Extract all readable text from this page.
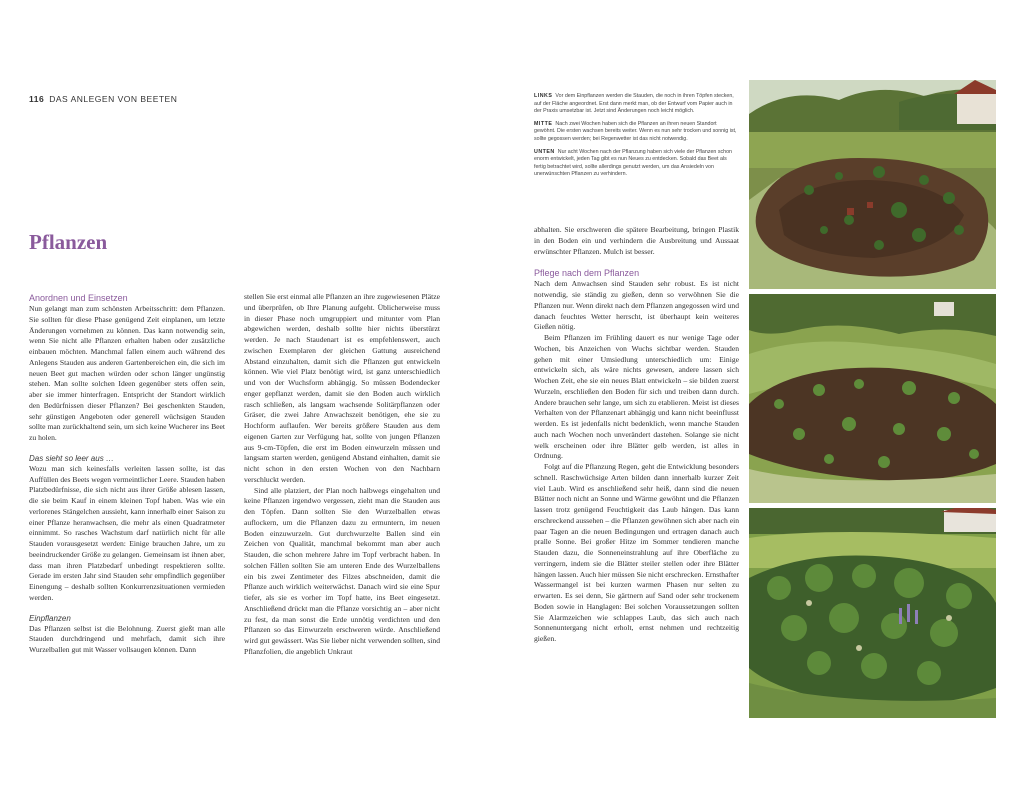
116 DAS ANLEGEN VON BEETEN
Pflanzen
Anordnen und Einsetzen

Nun gelangt man zum schönsten Arbeitsschritt: dem Pflanzen. Sie sollten für diese Phase genügend Zeit einplanen, um letzte Änderungen vornehmen zu können. Das kann notwendig sein, wenn Sie nicht alle Pflanzen erhalten haben oder zusätzliche einbauen möchten. Manchmal fallen einem auch während des Anlegens Stauden aus anderen Gartenbereichen ein, die sich im neuen Beet gut machen würden oder schon länger ungünstig stehen. Man sollte solchen Ideen gegenüber stets offen sein, aber sie immer hinterfragen. Entspricht der Standort wirklich den Bedürfnissen dieser Pflanzen? Bei geschenkten Stauden, sehr günstigen Angeboten oder generell wüchsigen Stauden sollte man zurückhaltend sein, um sich keine Wucherer ins Beet zu holen.

Das sieht so leer aus …

Wozu man sich keinesfalls verleiten lassen sollte, ist das Auffüllen des Beets wegen vermeintlicher Leere. Stauden haben Platzbedürfnisse, die sich nicht aus ihrer Größe ablesen lassen, die sie beim Kauf in einem kleinen Topf haben. Was wie ein verlorenes Stängelchen aussieht, kann innerhalb einer Saison zu einer Pflanze heranwachsen, die mehr als einen Quadratmeter einnimmt. So rasches Wachstum darf natürlich nicht für alle Stauden vorausgesetzt werden: Einige brauchen Jahre, um zu beeindruckender Größe zu gelangen. Gemeinsam ist ihnen aber, dass man ihren Platzbedarf unbedingt respektieren sollte. Gerade im ersten Jahr sind Stauden sehr empfindlich gegenüber Einengung – deshalb sollten Konkurrenzsituationen vermieden werden.

Einpflanzen

Das Pflanzen selbst ist die Belohnung. Zuerst gießt man alle Stauden durchdringend und mehrfach, damit sich ihre Wurzelballen gut mit Wasser vollsaugen können. Dann

stellen Sie erst einmal alle Pflanzen an ihre zugewiesenen Plätze und überprüfen, ob Ihre Planung aufgeht. Üblicherweise muss in dieser Phase noch umgruppiert und mitunter vom Plan abgewichen werden, deshalb sollte hier nichts überstürzt werden. Je nach Staudenart ist es empfehlenswert, auch zwischen Exemplaren der gleichen Gattung ausreichend Abstand einzuhalten, damit sich die Pflanzen gut entwickeln können. Wie viel Platz benötigt wird, ist ganz unterschiedlich und von der Wuchsform abhängig. So müssen Bodendecker enger gepflanzt werden, damit sie den Boden auch wirklich rasch schließen, als langsam wachsende Solitärpflanzen oder Gräser, die zwei Jahre Anwachszeit benötigen, ehe sie zu Hochform auflaufen. Wer bereits größere Stauden aus dem eigenen Garten zur Verfügung hat, sollte von jungen Pflanzen aus 9-cm-Töpfen, die erst im Boden einwurzeln müssen und langsam starten werden, genügend Abstand einhalten, damit sie nicht schon in den ersten Wochen von den Nachbarn verschluckt werden.

Sind alle platziert, der Plan noch halbwegs eingehalten und keine Pflanzen irgendwo vergessen, zieht man die Stauden aus den Töpfen. Dann sollten Sie den Wurzelballen etwas auflockern, um die Pflanzen dazu zu ermuntern, im neuen Boden einzuwurzeln. Gut durchwurzelte Ballen sind ein Zeichen von Qualität, manchmal bekommt man aber auch Stauden, die schon mehrere Jahre im Topf verbracht haben. In solchen Fällen sollten Sie am unteren Ende des Wurzelballens ein bis zwei Zentimeter des Filzes abschneiden, damit die Pflanze auch wirklich weiterwächst. Danach wird sie eine Spur tiefer, als sie es vorher im Topf hatte, ins Beet eingesetzt. Anschließend drückt man die Pflanze vorsichtig an – aber nicht zu fest, da man sonst die Erde unnötig verdichten und den Pflanzen so das Einwurzeln erschweren würde. Anschließend wird gut gewässert. Was Sie lieber nicht verwenden sollten, sind Pflanzfolien, die angeblich Unkraut

LINKS Vor dem Einpflanzen werden die Stauden, die noch in ihren Töpfen stecken, auf der Fläche angeordnet. Erst dann merkt man, ob der Entwurf vom Papier auch in der Praxis umsetzbar ist. Jetzt sind Änderungen noch leicht möglich.

MITTE Nach zwei Wochen haben sich die Pflanzen an ihren neuen Standort gewöhnt. Die ersten wachsen bereits weiter. Wenn es nun sehr trocken und sonnig ist, sollte gegossen werden; bei Regenwetter ist das nicht notwendig.

UNTEN Nur acht Wochen nach der Pflanzung haben sich viele der Pflanzen schon enorm entwickelt, jeden Tag gibt es nun Neues zu entdecken. Sobald das Beet als fertig betrachtet wird, sollte allerdings genutzt werden, um das Ansiedeln von unerwünschten Pflanzen zu verhindern.

abhalten. Sie erschweren die spätere Bearbeitung, bringen Plastik in den Boden ein und verhindern die Ausbreitung und Aussaat erwünschter Pflanzen. Mulch ist besser.

Pflege nach dem Pflanzen

Nach dem Anwachsen sind Stauden sehr robust. Es ist nicht notwendig, sie ständig zu gießen, denn so verwöhnen Sie die Pflanzen nur. Wenn direkt nach dem Pflanzen angegossen wird und danach feuchtes Wetter herrscht, ist überhaupt kein weiteres Gießen nötig.

Beim Pflanzen im Frühling dauert es nur wenige Tage oder Wochen, bis Anzeichen von Wuchs sichtbar werden. Stauden gehen mit einer Umsiedlung unterschiedlich um: Einige entwickeln sich, als wäre nichts gewesen, andere lassen sich Wochen Zeit, ehe sie ein neues Blatt entwickeln – sie bilden zuerst Wurzeln, erschließen den Boden für sich und treiben dann durch. Andere brauchen sehr lange, um sich zu etablieren. Meist ist dieses Verhalten von der Pflanzenart abhängig und kann nicht beeinflusst werden. Es ist jedenfalls nicht bedenklich, wenn manche Stauden auch nach Wochen noch unverändert dastehen. Solange sie nicht welk erscheinen oder ihre Blätter gelb werden, ist alles in Ordnung.

Folgt auf die Pflanzung Regen, geht die Entwicklung besonders schnell. Raschwüchsige Arten bilden dann innerhalb kurzer Zeit viel Laub. Wird es anschließend sehr heiß, dann sind die neuen Blätter noch nicht an Sonne und Wärme gewöhnt und die Pflanzen lassen trotz genügend Feuchtigkeit das Laub hängen. Das kann erschreckend aussehen – die Pflanzen gewöhnen sich aber nach ein paar Tagen an die neuen Bedingungen und ertragen danach auch pralle Sonne. Bei großer Hitze im Sommer tendieren manche Stauden dazu, die Sonneneinstrahlung auf ihre Oberfläche zu verringern, indem sie die Blätter steiler stellen oder ihre Blätter hängen lassen. Auch hier müssen Sie nicht erschrecken. Ernsthafter Wassermangel ist bei kurzen warmen Phasen nur selten zu erwarten. Es sei denn, Sie gärtnern auf Sand oder sehr trockenem Boden sowie in Hanglagen: Bei solchen Voraussetzungen sollten Sie Alarmzeichen wie schlappes Laub, das sich auch nach Sonnenuntergang nicht erholt, ernst nehmen und rechtzeitig gießen.
